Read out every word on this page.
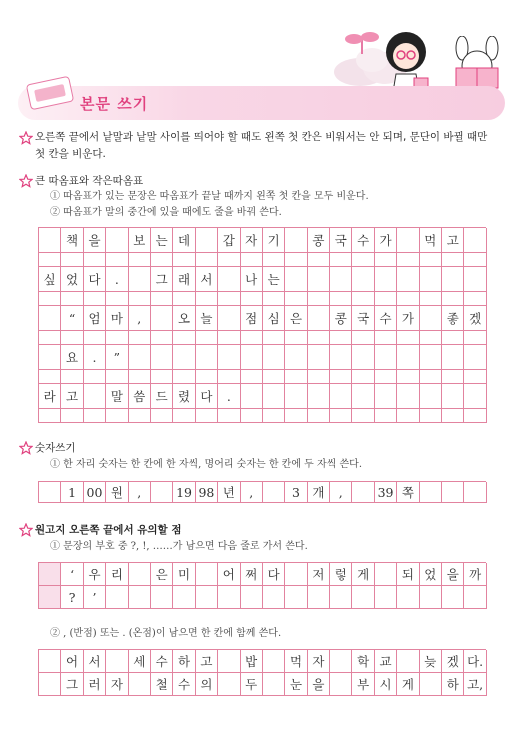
본문 쓰기
오른쪽 끝에서 낱말과 낱말 사이를 띄어야 할 때도 왼쪽 첫 칸은 비워서는 안 되며, 문단이 바뀔 때만 첫 칸을 비운다.
큰 따옴표와 작은따옴표
① 따옴표가 있는 문장은 따옴표가 끝날 때까지 왼쪽 첫 칸을 모두 비운다.
② 따옴표가 말의 중간에 있을 때에도 줄을 바꿔 쓴다.
책 을	보 는 데	갑 자 기	콩 국 수 가	먹 고
싶 었 다	.	그 래 서	나 는
“	엄 마	,	오 늘	점 심 은	콩 국 수 가	좋 겠
요	.	”
라 고	말 씀 드 렸 다	.
숫자쓰기
① 한 자리 숫자는 한 칸에 한 자씩, 명어리 숫자는 한 칸에 두 자씩 쓴다.
1 00 원	,	19 98 년	,	3 개	,	39 쪽
원고지 오른쪽 끝에서 유의할 점
① 문장의 부호 중 ?, !, ……가 남으면 다음 줄로 가서 쓴다.
‘	우 리	은 미	어 쩌 다	저 렇 게	되 었 을 까
?	’
② , (반점) 또는 . (온점)이 남으면 한 칸에 함께 쓴다.
어 서	세 수 하 고	밥	먹 자	학 교	늦 겠 다.
그 러 자	철 수 의	두	눈 을	부 시 게	하 고,
